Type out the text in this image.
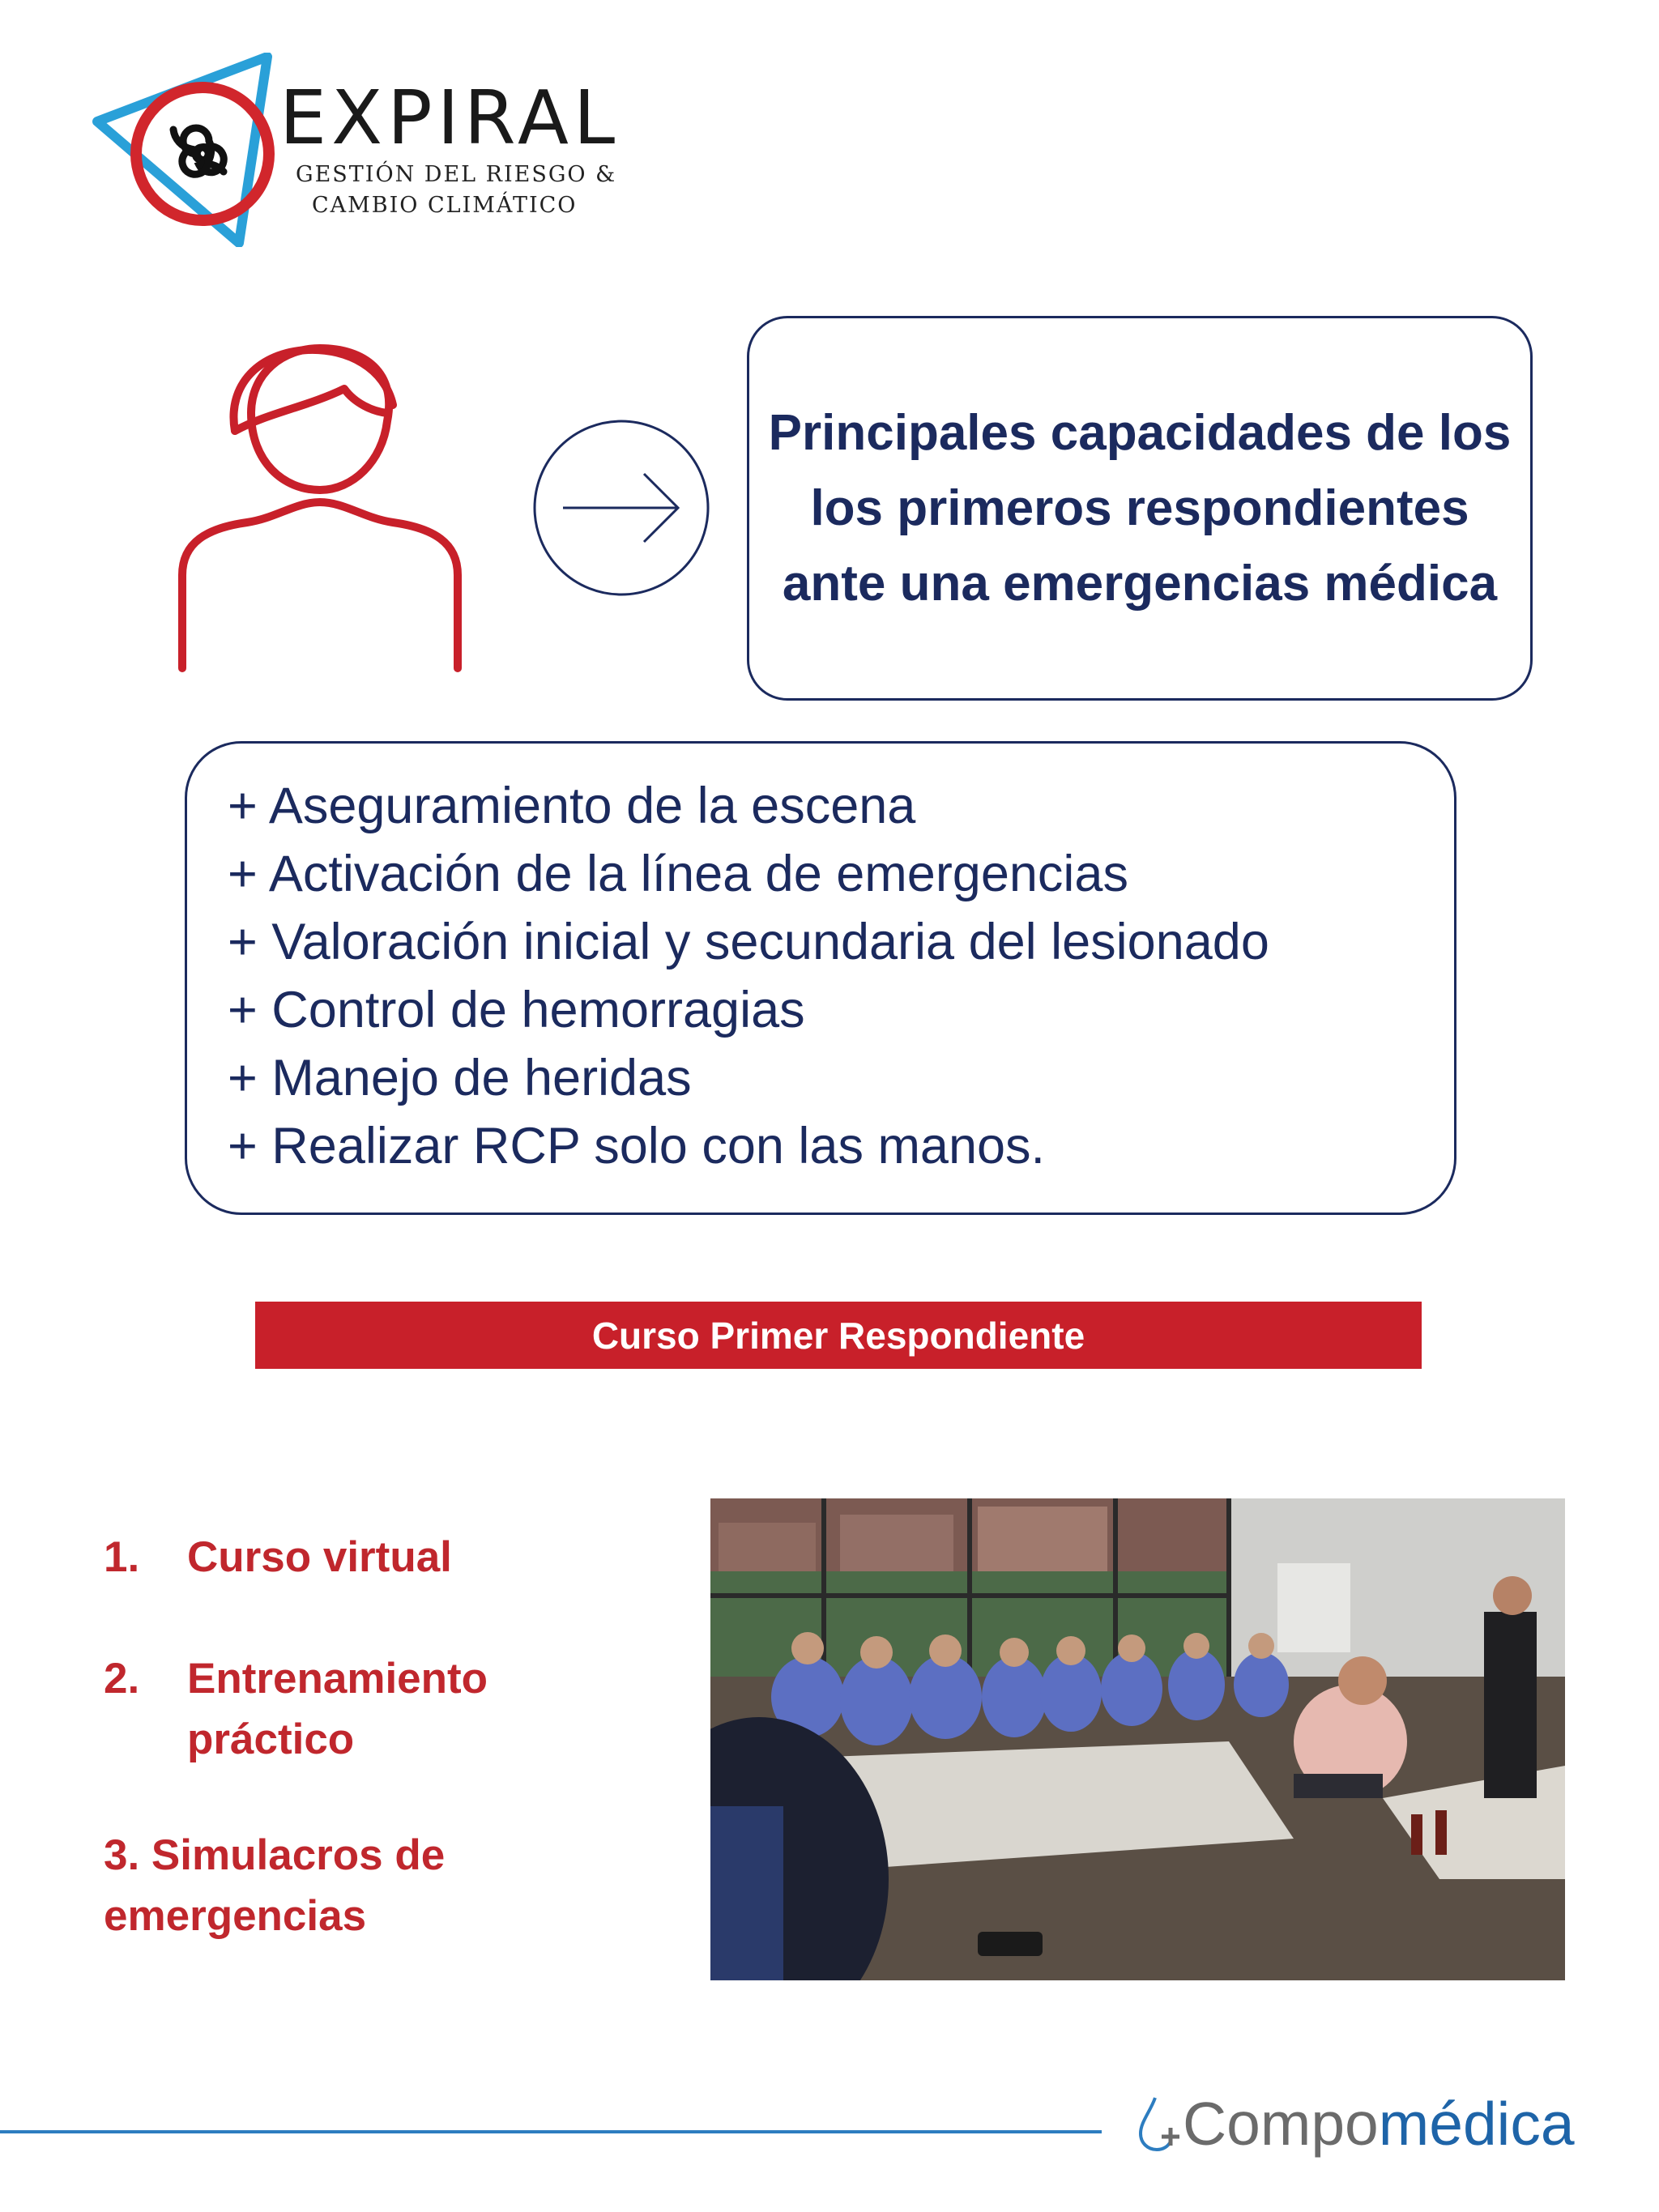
EXPIRAL
GESTIÓN DEL RIESGO &
CAMBIO CLIMÁTICO
Principales capacidades de los los primeros respondientes ante una emergencias médica
+ Aseguramiento de la escena
+ Activación de la línea de emergencias
+ Valoración inicial y secundaria del lesionado
+ Control de hemorragias
+ Manejo de heridas
+ Realizar RCP solo con las manos.
Curso Primer Respondiente
1. Curso virtual
2. Entrenamiento
práctico
3. Simulacros de
emergencias
Compomédica
